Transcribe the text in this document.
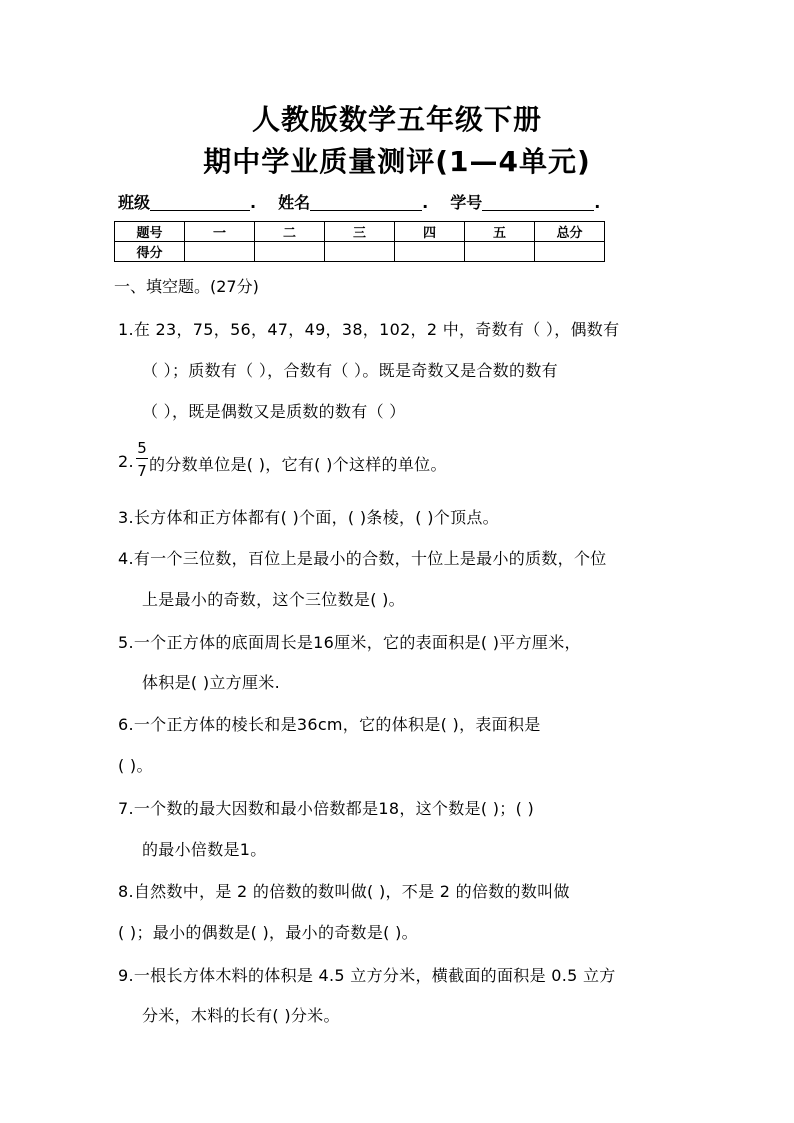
人教版数学五年级下册
期中学业质量测评(1—4单元)
班级	. 姓名	. 学号	.
题号	一	二	三	四	五	总分
得分						
一、填空题。(27分)
1.在 23，75，56，47，49，38，102，2 中，奇数有（ ），偶数有
（ ）；质数有（ ），合数有（ ）。既是奇数又是合数的数有
（ ），既是偶数又是质数的数有（ ）
2.
5
7 的分数单位是( )，它有( )个这样的单位。
3.长方体和正方体都有( )个面，( )条棱，( )个顶点。
4.有一个三位数，百位上是最小的合数，十位上是最小的质数，个位
上是最小的奇数，这个三位数是( )。
5.一个正方体的底面周长是16厘米，它的表面积是( )平方厘米，
体积是( )立方厘米.
6.一个正方体的棱长和是36cm，它的体积是( )，表面积是
( )。
7.一个数的最大因数和最小倍数都是18，这个数是( )；( )
的最小倍数是1。
8.自然数中，是 2 的倍数的数叫做( )，不是 2 的倍数的数叫做
( )；最小的偶数是( )，最小的奇数是( )。
9.一根长方体木料的体积是 4.5 立方分米，横截面的面积是 0.5 立方
分米，木料的长有( )分米。
